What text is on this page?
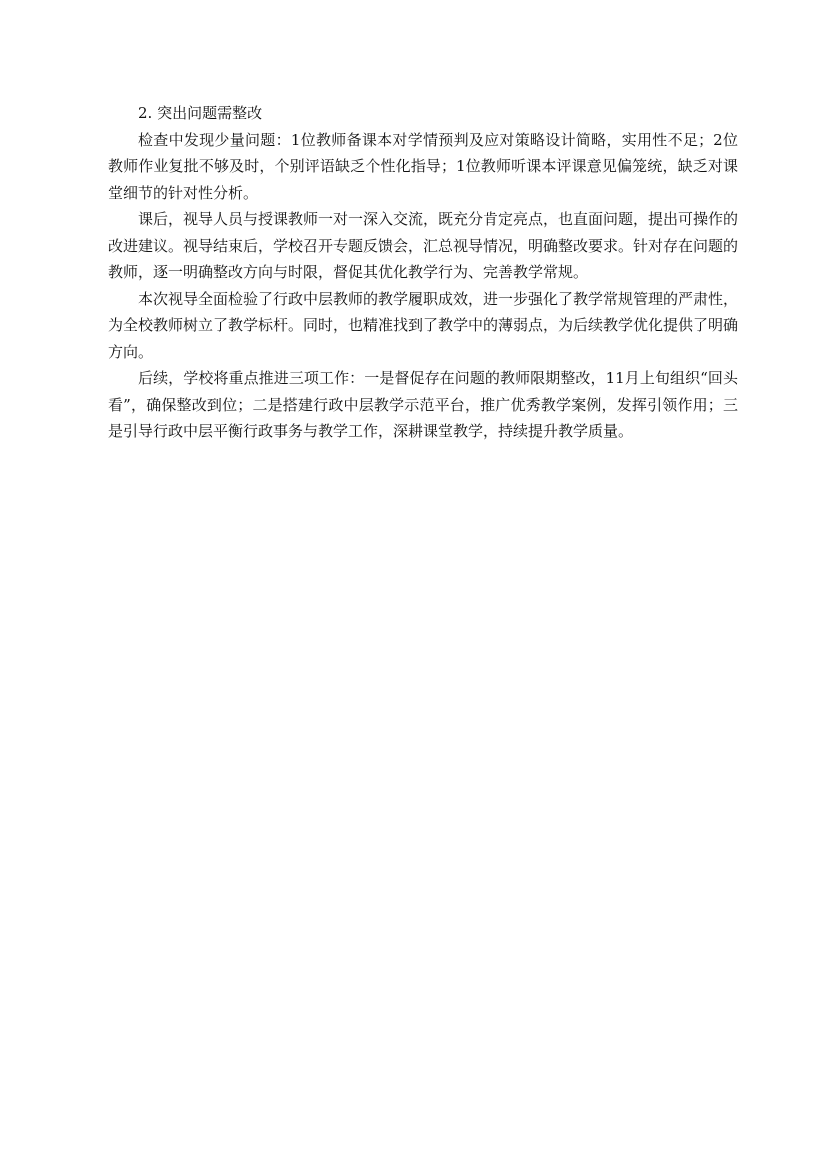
2. 突出问题需整改

检查中发现少量问题：1位教师备课本对学情预判及应对策略设计简略，实用性不足；2位教师作业复批不够及时，个别评语缺乏个性化指导；1位教师听课本评课意见偏笼统，缺乏对课堂细节的针对性分析。

课后，视导人员与授课教师一对一深入交流，既充分肯定亮点，也直面问题，提出可操作的改进建议。视导结束后，学校召开专题反馈会，汇总视导情况，明确整改要求。针对存在问题的教师，逐一明确整改方向与时限，督促其优化教学行为、完善教学常规。

本次视导全面检验了行政中层教师的教学履职成效，进一步强化了教学常规管理的严肃性，为全校教师树立了教学标杆。同时，也精准找到了教学中的薄弱点，为后续教学优化提供了明确方向。

后续，学校将重点推进三项工作：一是督促存在问题的教师限期整改，11月上旬组织“回头看”，确保整改到位；二是搭建行政中层教学示范平台，推广优秀教学案例，发挥引领作用；三是引导行政中层平衡行政事务与教学工作，深耕课堂教学，持续提升教学质量。
